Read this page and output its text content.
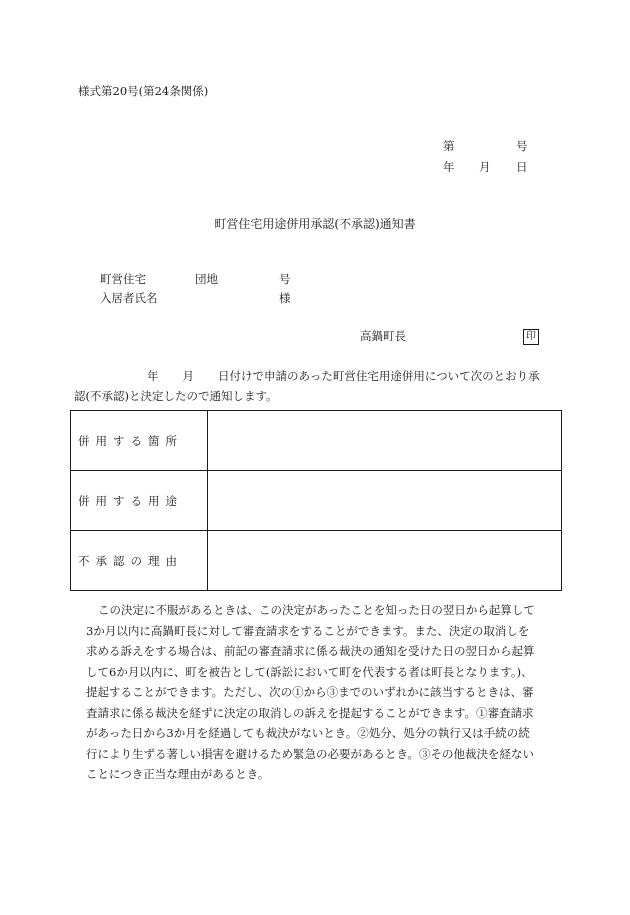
様式第20号(第24条関係)
第	号
年 月 日
町営住宅用途併用承認(不承認)通知書
町営住宅	団地	号
入居者氏名	様
高鍋町長	印
年 月 日付けで申請のあった町営住宅用途併用について次のとおり承
認(不承認)と決定したので通知します。
併用する箇所	
併用する用途	
不承認の理由	
この決定に不服があるときは、この決定があったことを知った日の翌日から起算して
3か月以内に高鍋町長に対して審査請求をすることができます。また、決定の取消しを
求める訴えをする場合は、前記の審査請求に係る裁決の通知を受けた日の翌日から起算
して6か月以内に、町を被告として(訴訟において町を代表する者は町長となります。)、
提起することができます。ただし、次の①から③までのいずれかに該当するときは、審
査請求に係る裁決を経ずに決定の取消しの訴えを提起することができます。①審査請求
があった日から3か月を経過しても裁決がないとき。②処分、処分の執行又は手続の続
行により生ずる著しい損害を避けるため緊急の必要があるとき。③その他裁決を経ない
ことにつき正当な理由があるとき。
